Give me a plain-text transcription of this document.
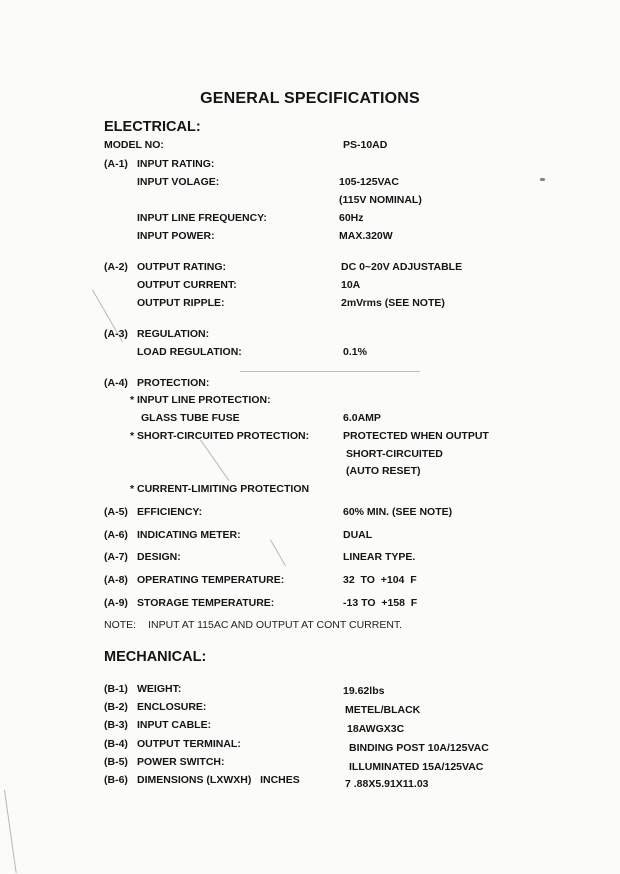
GENERAL SPECIFICATIONS
ELECTRICAL:
MODEL NO:	PS-10AD
(A-1) INPUT RATING:
INPUT VOLAGE:	105-125VAC
(115V NOMINAL)
INPUT LINE FREQUENCY:	60Hz
INPUT POWER:	MAX.320W
(A-2) OUTPUT RATING:	DC 0~20V ADJUSTABLE
OUTPUT CURRENT:	10A
OUTPUT RIPPLE:	2mVrms (SEE NOTE)
(A-3) REGULATION:
LOAD REGULATION:	0.1%
(A-4) PROTECTION:
* INPUT LINE PROTECTION:
GLASS TUBE FUSE	6.0AMP
* SHORT-CIRCUITED PROTECTION:	PROTECTED WHEN OUTPUT
SHORT-CIRCUITED
(AUTO RESET)
* CURRENT-LIMITING PROTECTION
(A-5) EFFICIENCY:	60% MIN. (SEE NOTE)
(A-6) INDICATING METER:	DUAL
(A-7) DESIGN:	LINEAR TYPE.
(A-8) OPERATING TEMPERATURE:	32  TO  +104  F
(A-9) STORAGE TEMPERATURE:	-13 TO  +158  F
NOTE: INPUT AT 115AC AND OUTPUT AT CONT CURRENT.
MECHANICAL:
(B-1) WEIGHT:	19.62lbs
(B-2) ENCLOSURE:	METEL/BLACK
(B-3) INPUT CABLE:	18AWGX3C
(B-4) OUTPUT TERMINAL:	BINDING POST 10A/125VAC
(B-5) POWER SWITCH:	ILLUMINATED 15A/125VAC
(B-6) DIMENSIONS (LXWXH)   INCHES	7 .88X5.91X11.03
